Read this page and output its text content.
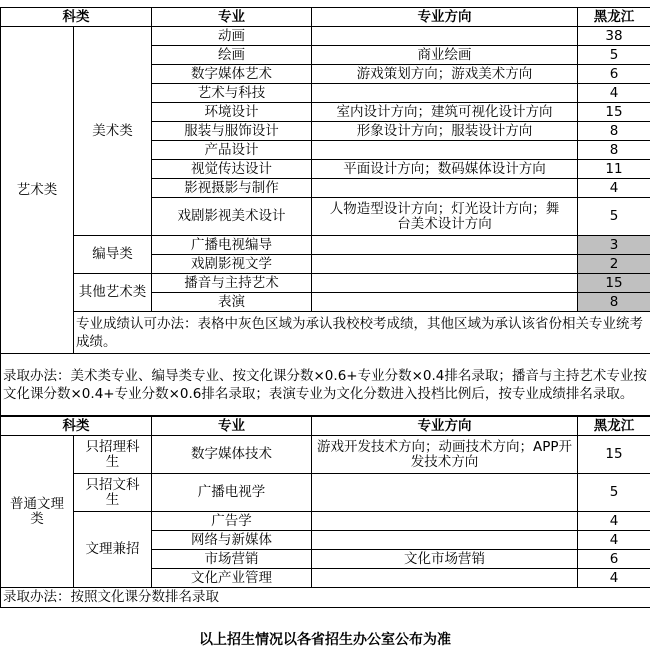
科类		专业	专业方向	黑龙江
艺术类	美术类	动画		38
		绘画	商业绘画	5
		数字媒体艺术	游戏策划方向；游戏美术方向	6
		艺术与科技		4
		环境设计	室内设计方向；建筑可视化设计方向	15
		服装与服饰设计	形象设计方向；服装设计方向	8
		产品设计		8
		视觉传达设计	平面设计方向；数码媒体设计方向	11
		影视摄影与制作		4
		戏剧影视美术设计	人物造型设计方向；灯光设计方向；舞台美术设计方向	5
	编导类	广播电视编导		3
		戏剧影视文学		2
	其他艺术类	播音与主持艺术		15
		表演		8
	专业成绩认可办法：表格中灰色区域为承认我校校考成绩，其他区域为承认该省份相关专业统考成绩。			
录取办法：美术类专业、编导类专业、按文化课分数×0.6+专业分数×0.4排名录取；播音与主持艺术专业按文化课分数×0.4+专业分数×0.6排名录取；表演专业为文化分数进入投档比例后，按专业成绩排名录取。				
科类		专业	专业方向	黑龙江
普通文理类	只招理科生	数字媒体技术	游戏开发技术方向；动画技术方向；APP开发技术方向	15
	只招文科生	广播电视学		5
	文理兼招	广告学		4
		网络与新媒体		4
		市场营销	文化市场营销	6
		文化产业管理		4
录取办法：按照文化课分数排名录取				
以上招生情况以各省招生办公室公布为准
